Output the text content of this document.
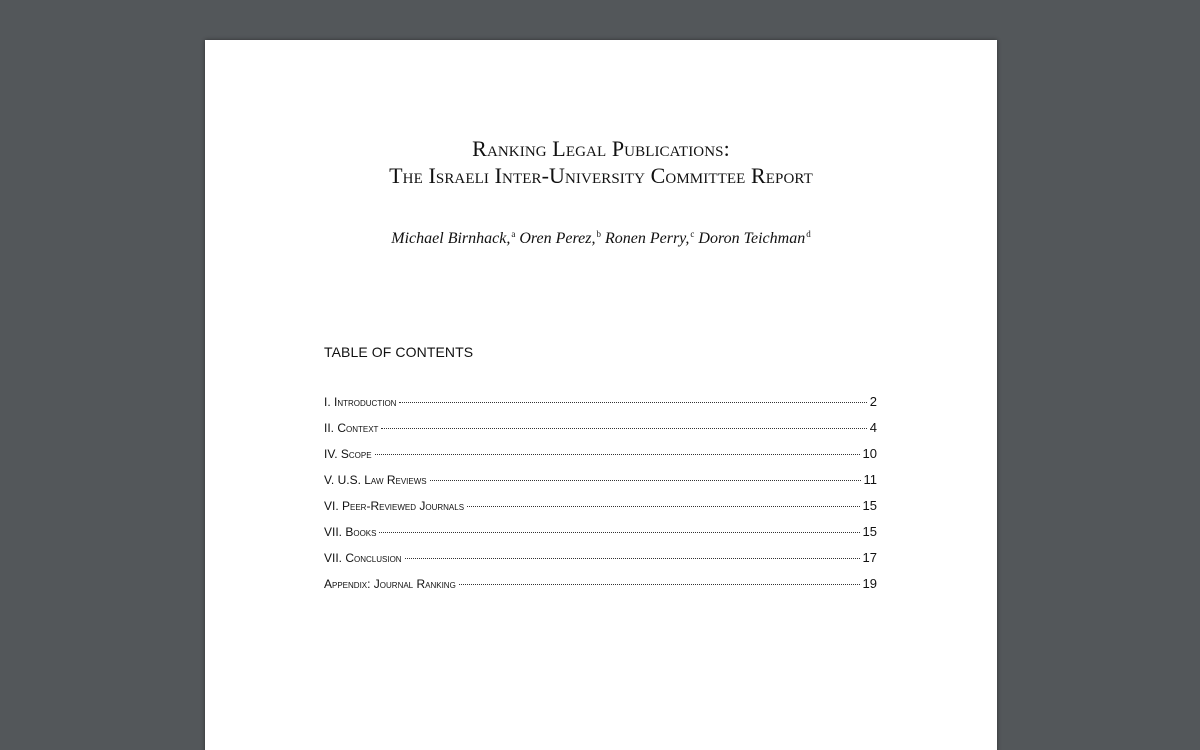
Ranking Legal Publications:
The Israeli Inter-University Committee Report
Michael Birnhack,$^a$ Oren Perez,$^b$ Ronen Perry,$^c$ Doron Teichman$^d$
TABLE OF CONTENTS
I. Introduction	2
II. Context	4
IV. Scope	10
V. U.S. Law Reviews	11
VI. Peer-Reviewed Journals	15
VII. Books	15
VII. Conclusion	17
Appendix: Journal Ranking	19
